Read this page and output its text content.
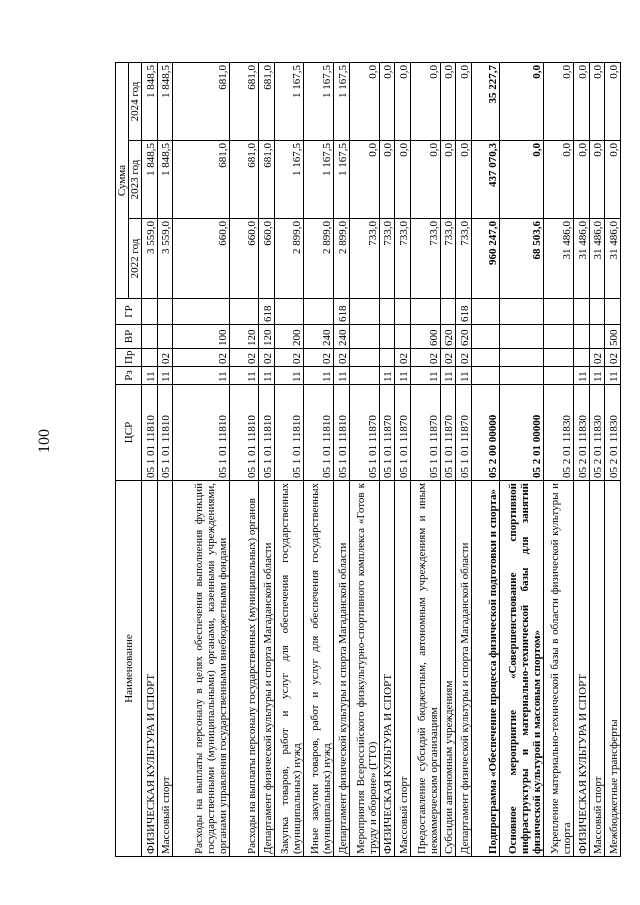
100
Наименование	ЦСР	Рз	Пр	ВР	ГР	Сумма		
						2022 год	2023 год	2024 год
ФИЗИЧЕСКАЯ КУЛЬТУРА И СПОРТ	05 1 01 11810	11				3 559,0	1 848,5	1 848,5
Массовый спорт	05 1 01 11810	11	02			3 559,0	1 848,5	1 848,5
Расходы на выплаты персоналу в целях обеспечения выполнения функций государственными (муниципальными) органами, казенными учреждениями, органами управления государственными внебюджетными фондами	05 1 01 11810	11	02	100		660,0	681,0	681,0
Расходы на выплаты персоналу государственных (муниципальных) органов	05 1 01 11810	11	02	120		660,0	681,0	681,0
Департамент физической культуры и спорта Магаданской области	05 1 01 11810	11	02	120	618	660,0	681,0	681,0
Закупка товаров, работ и услуг для обеспечения государственных (муниципальных) нужд	05 1 01 11810	11	02	200		2 899,0	1 167,5	1 167,5
Иные закупки товаров, работ и услуг для обеспечения государственных (муниципальных) нужд	05 1 01 11810	11	02	240		2 899,0	1 167,5	1 167,5
Департамент физической культуры и спорта Магаданской области	05 1 01 11810	11	02	240	618	2 899,0	1 167,5	1 167,5
Мероприятия Всероссийского физкультурно-спортивного комплекса «Готов к труду и обороне» (ГТО)	05 1 01 11870					733,0	0,0	0,0
ФИЗИЧЕСКАЯ КУЛЬТУРА И СПОРТ	05 1 01 11870	11				733,0	0,0	0,0
Массовый спорт	05 1 01 11870	11	02			733,0	0,0	0,0
Предоставление субсидий бюджетным, автономным учреждениям и иным некоммерческим организациям	05 1 01 11870	11	02	600		733,0	0,0	0,0
Субсидии автономным учреждениям	05 1 01 11870	11	02	620		733,0	0,0	0,0
Департамент физической культуры и спорта Магаданской области	05 1 01 11870	11	02	620	618	733,0	0,0	0,0
Подпрограмма «Обеспечение процесса физической подготовки и спорта»	05 2 00 00000					960 247,0	437 070,3	35 227,7
Основное мероприятие «Совершенствование спортивной инфраструктуры и материально-технической базы для занятий физической культурой и массовым спортом»	05 2 01 00000					68 503,6	0,0	0,0
Укрепление материально-технической базы в области физической культуры и спорта	05 2 01 11830					31 486,0	0,0	0,0
ФИЗИЧЕСКАЯ КУЛЬТУРА И СПОРТ	05 2 01 11830	11				31 486,0	0,0	0,0
Массовый спорт	05 2 01 11830	11	02			31 486,0	0,0	0,0
Межбюджетные трансферты	05 2 01 11830	11	02	500		31 486,0	0,0	0,0
